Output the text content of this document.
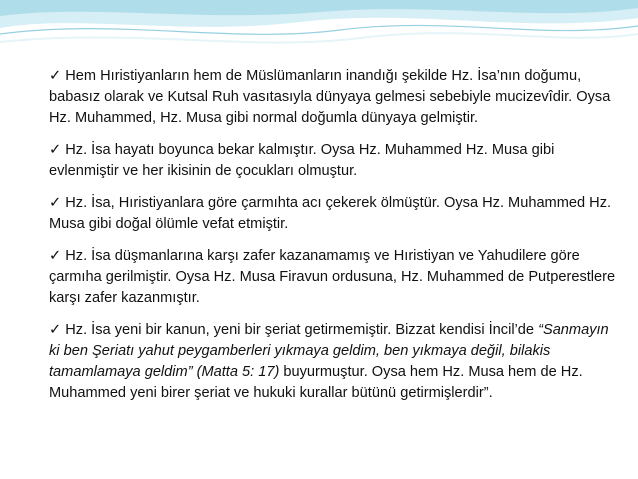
✓ Hem Hıristiyanların hem de Müslümanların inandığı şekilde Hz. İsa’nın doğumu, babasız olarak ve Kutsal Ruh vasıtasıyla dünyaya gelmesi sebebiyle mucizevîdir. Oysa Hz. Muhammed, Hz. Musa gibi normal doğumla dünyaya gelmiştir.

✓ Hz. İsa hayatı boyunca bekar kalmıştır. Oysa Hz. Muhammed Hz. Musa gibi evlenmiştir ve her ikisinin de çocukları olmuştur.

✓ Hz. İsa, Hıristiyanlara göre çarmıhta acı çekerek ölmüştür. Oysa Hz. Muhammed Hz. Musa gibi doğal ölümle vefat etmiştir.

✓ Hz. İsa düşmanlarına karşı zafer kazanamamış ve Hıristiyan ve Yahudilere göre çarmıha gerilmiştir. Oysa Hz. Musa Firavun ordusuna, Hz. Muhammed de Putperestlere karşı zafer kazanmıştır.

✓ Hz. İsa yeni bir kanun, yeni bir şeriat getirmemiştir. Bizzat kendisi İncil’de “Sanmayın ki ben Şeriatı yahut peygamberleri yıkmaya geldim, ben yıkmaya değil, bilakis tamamlamaya geldim” (Matta 5: 17) buyurmuştur. Oysa hem Hz. Musa hem de Hz. Muhammed yeni birer şeriat ve hukuki kurallar bütünü getirmişlerdir”.
